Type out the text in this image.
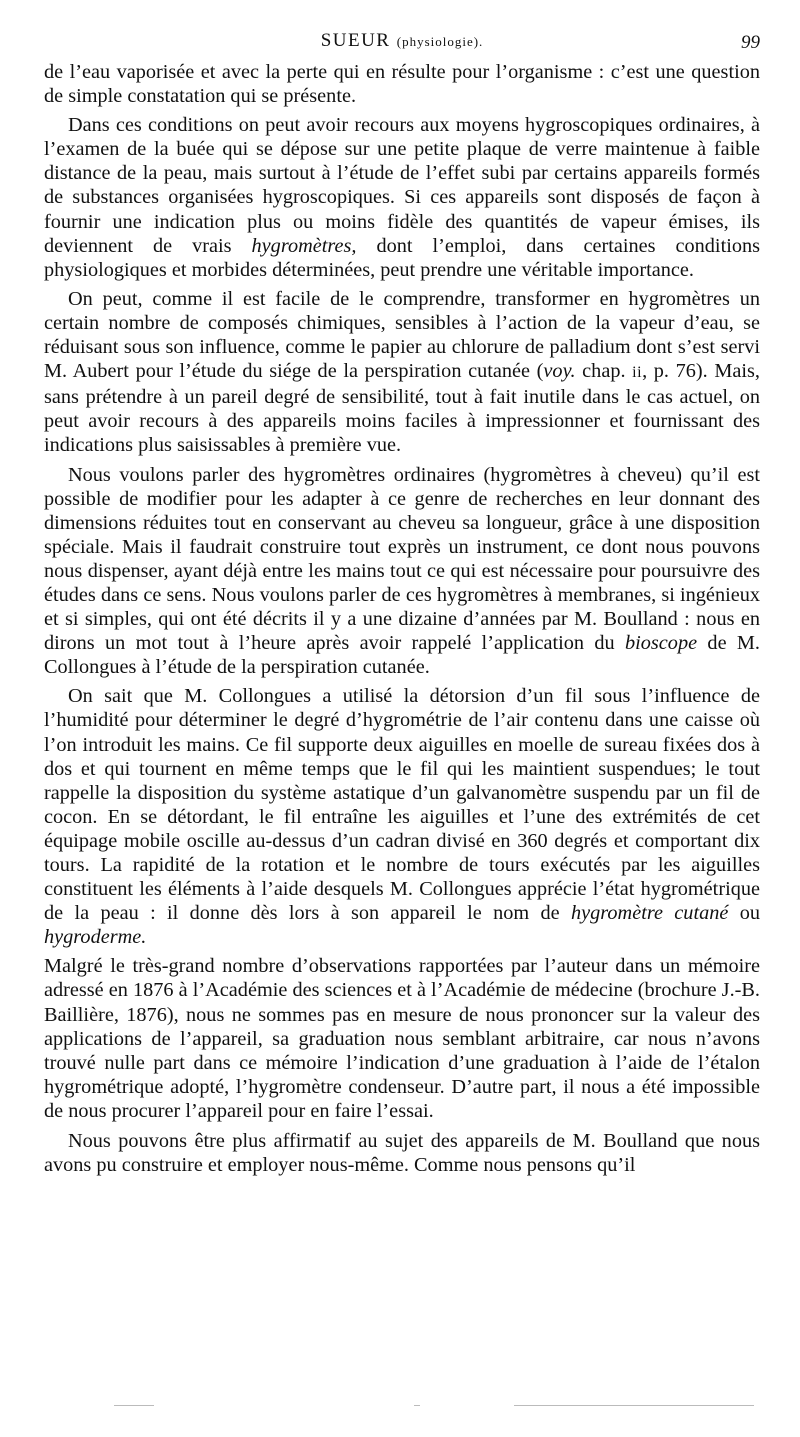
SUEUR (physiologie).	99

de l’eau vaporisée et avec la perte qui en résulte pour l’organisme : c’est une question de simple constatation qui se présente.

Dans ces conditions on peut avoir recours aux moyens hygroscopiques ordinaires, à l’examen de la buée qui se dépose sur une petite plaque de verre maintenue à faible distance de la peau, mais surtout à l’étude de l’effet subi par certains appareils formés de substances organisées hygroscopiques. Si ces appareils sont disposés de façon à fournir une indication plus ou moins fidèle des quantités de vapeur émises, ils deviennent de vrais hygromètres, dont l’emploi, dans certaines conditions physiologiques et morbides déterminées, peut prendre une véritable importance.

On peut, comme il est facile de le comprendre, transformer en hygromètres un certain nombre de composés chimiques, sensibles à l’action de la vapeur d’eau, se réduisant sous son influence, comme le papier au chlorure de palladium dont s’est servi M. Aubert pour l’étude du siége de la perspiration cutanée (voy. chap. ii, p. 76). Mais, sans prétendre à un pareil degré de sensibilité, tout à fait inutile dans le cas actuel, on peut avoir recours à des appareils moins faciles à impressionner et fournissant des indications plus saisissables à première vue.

Nous voulons parler des hygromètres ordinaires (hygromètres à cheveu) qu’il est possible de modifier pour les adapter à ce genre de recherches en leur donnant des dimensions réduites tout en conservant au cheveu sa longueur, grâce à une disposition spéciale. Mais il faudrait construire tout exprès un instrument, ce dont nous pouvons nous dispenser, ayant déjà entre les mains tout ce qui est nécessaire pour poursuivre des études dans ce sens. Nous voulons parler de ces hygromètres à membranes, si ingénieux et si simples, qui ont été décrits il y a une dizaine d’années par M. Boulland : nous en dirons un mot tout à l’heure après avoir rappelé l’application du bioscope de M. Collongues à l’étude de la perspiration cutanée.

On sait que M. Collongues a utilisé la détorsion d’un fil sous l’influence de l’humidité pour déterminer le degré d’hygrométrie de l’air contenu dans une caisse où l’on introduit les mains. Ce fil supporte deux aiguilles en moelle de sureau fixées dos à dos et qui tournent en même temps que le fil qui les maintient suspendues; le tout rappelle la disposition du système astatique d’un galvanomètre suspendu par un fil de cocon. En se détordant, le fil entraîne les aiguilles et l’une des extrémités de cet équipage mobile oscille au-dessus d’un cadran divisé en 360 degrés et comportant dix tours. La rapidité de la rotation et le nombre de tours exécutés par les aiguilles constituent les éléments à l’aide desquels M. Collongues apprécie l’état hygrométrique de la peau : il donne dès lors à son appareil le nom de hygromètre cutané ou hygroderme.

Malgré le très-grand nombre d’observations rapportées par l’auteur dans un mémoire adressé en 1876 à l’Académie des sciences et à l’Académie de médecine (brochure J.-B. Baillière, 1876), nous ne sommes pas en mesure de nous prononcer sur la valeur des applications de l’appareil, sa graduation nous semblant arbitraire, car nous n’avons trouvé nulle part dans ce mémoire l’indication d’une graduation à l’aide de l’étalon hygrométrique adopté, l’hygromètre condenseur. D’autre part, il nous a été impossible de nous procurer l’appareil pour en faire l’essai.

Nous pouvons être plus affirmatif au sujet des appareils de M. Boulland que nous avons pu construire et employer nous-même. Comme nous pensons qu’il
